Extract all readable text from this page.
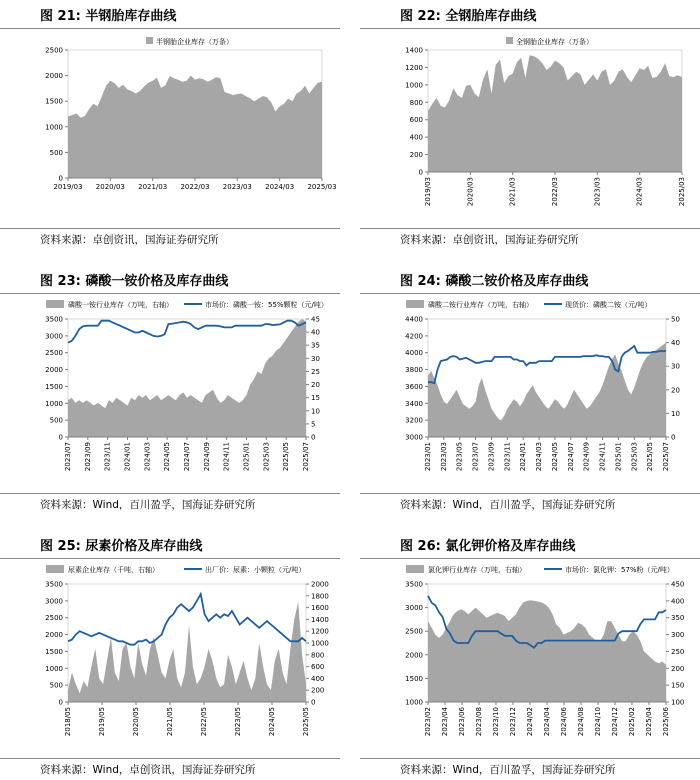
图 21: 半钢胎库存曲线
半钢胎企业库存（万条）
0
500
1000
1500
2000
2500
2019/03 2020/03 2021/03 2022/03 2023/03 2024/03 2025/03
资料来源：卓创资讯，国海证券研究所
图 22: 全钢胎库存曲线
全钢胎企业库存（万条）
0
200
400
600
800
1000
1200
1400
2019/03	2020/03	2021/03	2022/03	2023/03	2024/03	2025/03
资料来源：卓创资讯，国海证券研究所
图 23: 磷酸一铵价格及库存曲线
磷酸一铵行业库存（万吨，右轴）	市场价：磷酸一铵：55%颗粒（元/吨）
0
500
1000
1500
2000
2500
3000
3500
0
5
10
15
20
25
30
35
40
45
2023/07 2023/09 2023/11 2024/01 2024/03 2024/05 2024/07 2024/09 2024/11 2025/01 2025/03 2025/05 2025/07
资料来源：Wind，百川盈孚，国海证券研究所
图 24: 磷酸二铵价格及库存曲线
磷酸二铵行业库存（万吨，右轴）	现货价：磷酸二铵（元/吨）
3000
3200
3400
3600
3800
4000
4200
4400
0
10
20
30
40
50
2023/01 2023/03 2023/05 2023/07 2023/09 2023/11 2024/01 2024/03 2024/05 2024/07 2024/09 2024/11 2025/01 2025/03 2025/05 2025/07
资料来源：Wind，百川盈孚，国海证券研究所
图 25: 尿素价格及库存曲线
尿素企业库存（千吨，右轴）	出厂价：尿素：小颗粒（元/吨）
0
500
1000
1500
2000
2500
3000
3500
0
200
400
600
800
1000
1200
1400
1600
1800
2000
2018/05	2019/05	2020/05	2021/05	2022/05	2023/05	2024/05	2025/05
资料来源：Wind，卓创资讯，国海证券研究所
图 26: 氯化钾价格及库存曲线
氯化钾行业库存（万吨，右轴）	市场价：氯化钾：57%粉（元/吨）
1000
1500
2000
2500
3000
3500
100
150
200
250
300
350
400
450
2023/02 2023/04 2023/06 2023/08 2023/10 2023/12 2024/02 2024/04 2024/06 2024/08 2024/10 2024/12 2025/02 2025/04 2025/06
资料来源：Wind，百川盈孚，国海证券研究所
